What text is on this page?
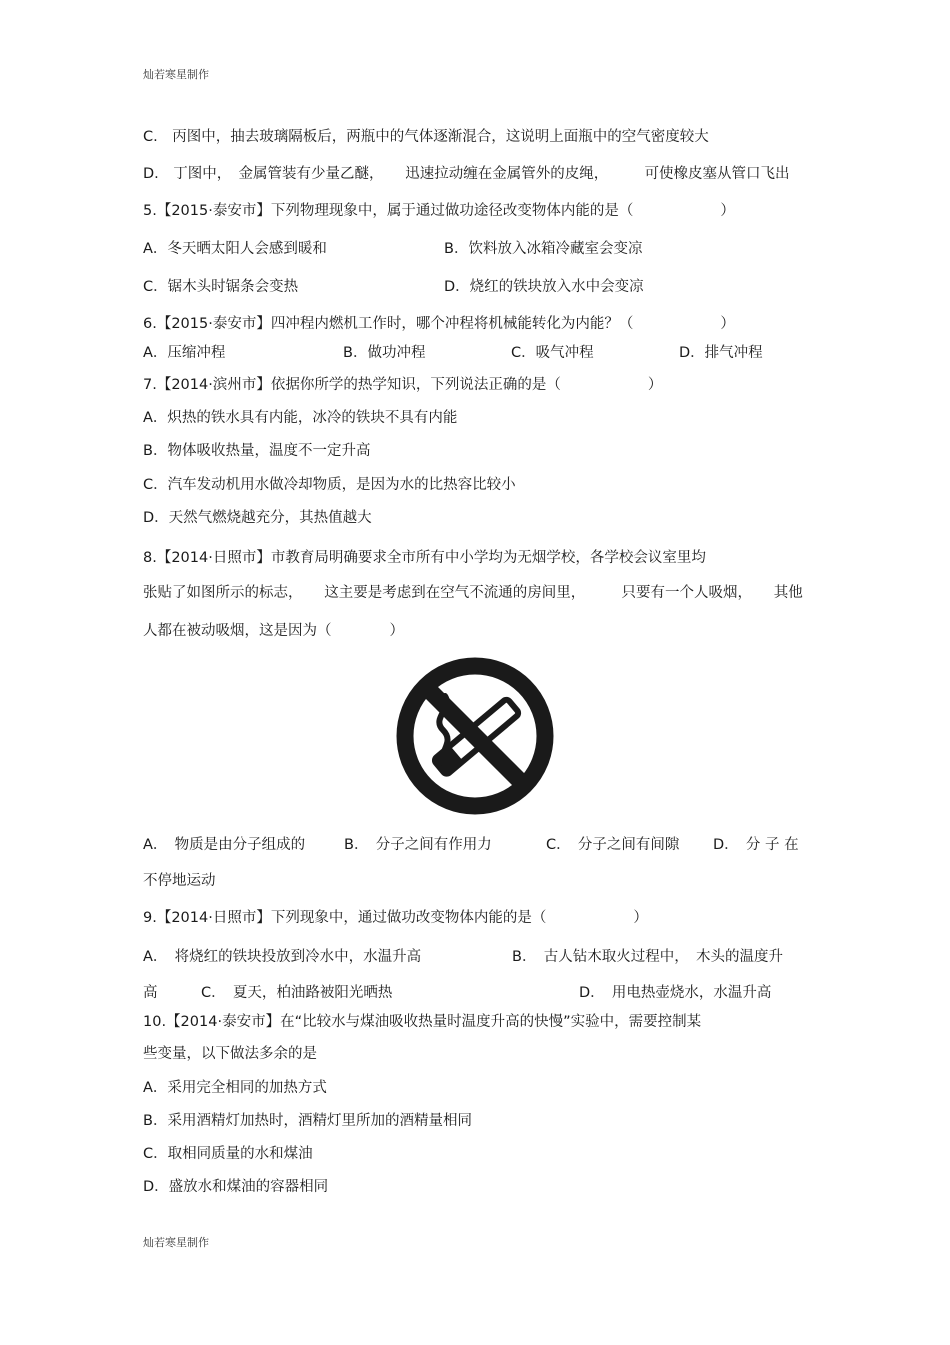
灿若寒星制作
C.　丙图中，抽去玻璃隔板后，两瓶中的气体逐渐混合，这说明上面瓶中的空气密度较大
D.　丁图中，　金属管装有少量乙醚，　　迅速拉动缠在金属管外的皮绳，　　　可使橡皮塞从管口飞出
5.【2015·泰安市】下列物理现象中，属于通过做功途径改变物体内能的是（　　　　　　）
A．冬天晒太阳人会感到暖和	B．饮料放入冰箱冷藏室会变凉
C．锯木头时锯条会变热	D．烧红的铁块放入水中会变凉
6.【2015·泰安市】四冲程内燃机工作时，哪个冲程将机械能转化为内能？（　　　　　　）
A．压缩冲程	B．做功冲程	C．吸气冲程	D．排气冲程
7.【2014·滨州市】依据你所学的热学知识，下列说法正确的是（　　　　　　）
A．炽热的铁水具有内能，冰冷的铁块不具有内能
B．物体吸收热量，温度不一定升高
C．汽车发动机用水做冷却物质，是因为水的比热容比较小
D．天然气燃烧越充分，其热值越大
8.【2014·日照市】市教育局明确要求全市所有中小学均为无烟学校，各学校会议室里均
张贴了如图所示的标志，　　这主要是考虑到在空气不流通的房间里，　　　只要有一个人吸烟，　　其他
人都在被动吸烟，这是因为（　　　　）
A．　物质是由分子组成的	B．　分子之间有作用力	C．　分子之间有间隙 D．　分 子 在
不停地运动
9.【2014·日照市】下列现象中，通过做功改变物体内能的是（　　　　　　）
A．　将烧红的铁块投放到冷水中，水温升高	B．　古人钻木取火过程中，　木头的温度升
高	C．　夏天，柏油路被阳光晒热	D．　用电热壶烧水，水温升高
10.【2014·泰安市】在“比较水与煤油吸收热量时温度升高的快慢”实验中，需要控制某
些变量，以下做法多余的是
A．采用完全相同的加热方式
B．采用酒精灯加热时，酒精灯里所加的酒精量相同
C．取相同质量的水和煤油
D．盛放水和煤油的容器相同
灿若寒星制作
